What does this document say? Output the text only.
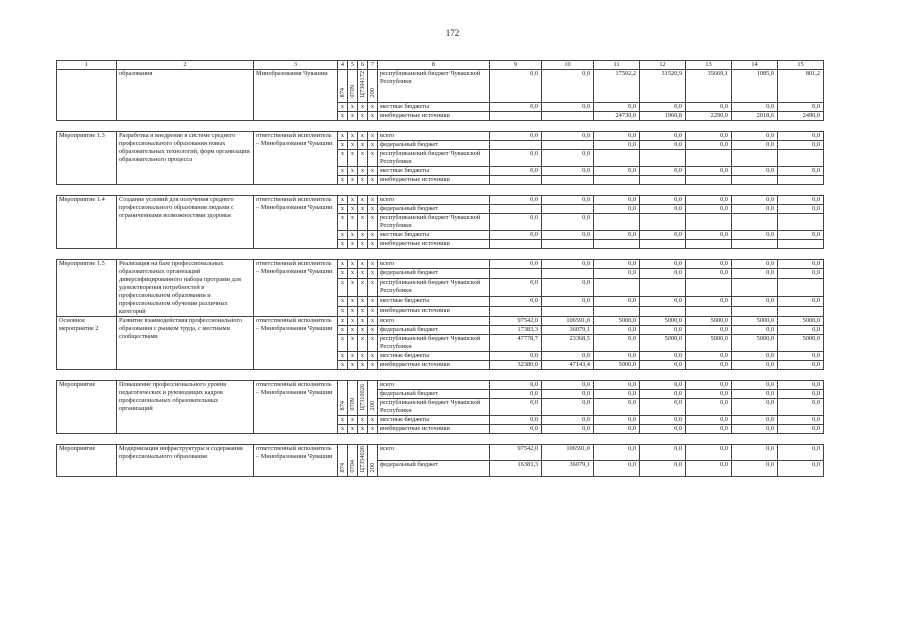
172
1	2	3	4	5	6	7	8	9	10	11	12	13	14	15
	образования	Минобразования Чувашии	874	0709	Ц7304172	200	республиканский бюджет Чувашской Республики	0,0	0,0	17502,2	31520,9	35669,1	1085,0	801,2
			x	x	x	x	местные бюджеты	0,0	0,0	0,0	0,0	0,0	0,0	0,0
			x	x	x	x	внебюджетные источники			24730,0	1960,8	2290,0	2018,6	2490,0

Мероприятие 1.3	Разработка и внедрение в системе среднего профессионального образования новых образовательных технологий, форм организации образовательного процесса	ответственный исполнитель – Минобразования Чувашии	x	x	x	x	всего	0,0	0,0	0,0	0,0	0,0	0,0	0,0
			x	x	x	x	федеральный бюджет			0,0	0,0	0,0	0,0	0,0
			x	x	x	x	республиканский бюджет Чувашской Республики	0,0	0,0					
			x	x	x	x	местные бюджеты	0,0	0,0	0,0	0,0	0,0	0,0	0,0
			x	x	x	x	внебюджетные источники							

Мероприятие 1.4	Создание условий для получения среднего профессионального образования людьми с ограниченными возможностями здоровья	ответственный исполнитель – Минобразования Чувашии	x	x	x	x	всего	0,0	0,0	0,0	0,0	0,0	0,0	0,0
			x	x	x	x	федеральный бюджет			0,0	0,0	0,0	0,0	0,0
			x	x	x	x	республиканский бюджет Чувашской Республики	0,0	0,0					
			x	x	x	x	местные бюджеты	0,0	0,0	0,0	0,0	0,0	0,0	0,0
			x	x	x	x	внебюджетные источники							

Мероприятие 1.5	Реализация на базе профессиональных образовательных организаций диверсифицированного набора программ для удовлетворения потребностей в профессиональном образовании и профессиональном обучении различных категорий	ответственный исполнитель – Минобразования Чувашии	x	x	x	x	всего	0,0	0,0	0,0	0,0	0,0	0,0	0,0
			x	x	x	x	федеральный бюджет			0,0	0,0	0,0	0,0	0,0
			x	x	x	x	республиканский бюджет Чувашской Республики	0,0	0,0					
			x	x	x	x	местные бюджеты	0,0	0,0	0,0	0,0	0,0	0,0	0,0
			x	x	x	x	внебюджетные источники							
Основное мероприятие 2	Развитие взаимодействия профессионального образования с рынком труда, с местными сообществами	ответственный исполнитель – Минобразования Чувашии	x	x	x	x	всего	97542,0	106591,0	5000,0	5000,0	5000,0	5000,0	5000,0
			x	x	x	x	федеральный бюджет	17383,3	36079,1	0,0	0,0	0,0	0,0	0,0
			x	x	x	x	республиканский бюджет Чувашской Республики	47778,7	23368,5	0,0	5000,0	5000,0	5000,0	5000,0
			x	x	x	x	местные бюджеты	0,0	0,0	0,0	0,0	0,0	0,0	0,0
			x	x	x	x	внебюджетные источники	32380,0	47143,4	5000,0	0,0	0,0	0,0	0,0

Мероприятие	Повышение профессионального уровня педагогических и руководящих кадров профессиональных образовательных организаций	ответственный исполнитель – Минобразования Чувашии	874	0709	Ц7310026	200	всего	0,0	0,0	0,0	0,0	0,0	0,0	0,0
							федеральный бюджет	0,0	0,0	0,0	0,0	0,0	0,0	0,0
							республиканский бюджет Чувашской Республики	0,0	0,0	0,0	0,0	0,0	0,0	0,0
			x	x	x	x	местные бюджеты	0,0	0,0	0,0	0,0	0,0	0,0	0,0
			x	x	x	x	внебюджетные источники	0,0	0,0	0,0	0,0	0,0	0,0	0,0

Мероприятие	Модернизация инфраструктуры и содержания профессионального образования	ответственный исполнитель – Минобразования Чувашии	874	0704	Ц7354026	200	всего	97542,0	106591,0	0,0	0,0	0,0	0,0	0,0
							федеральный бюджет	16383,3	36079,1	0,0	0,0	0,0	0,0	0,0
